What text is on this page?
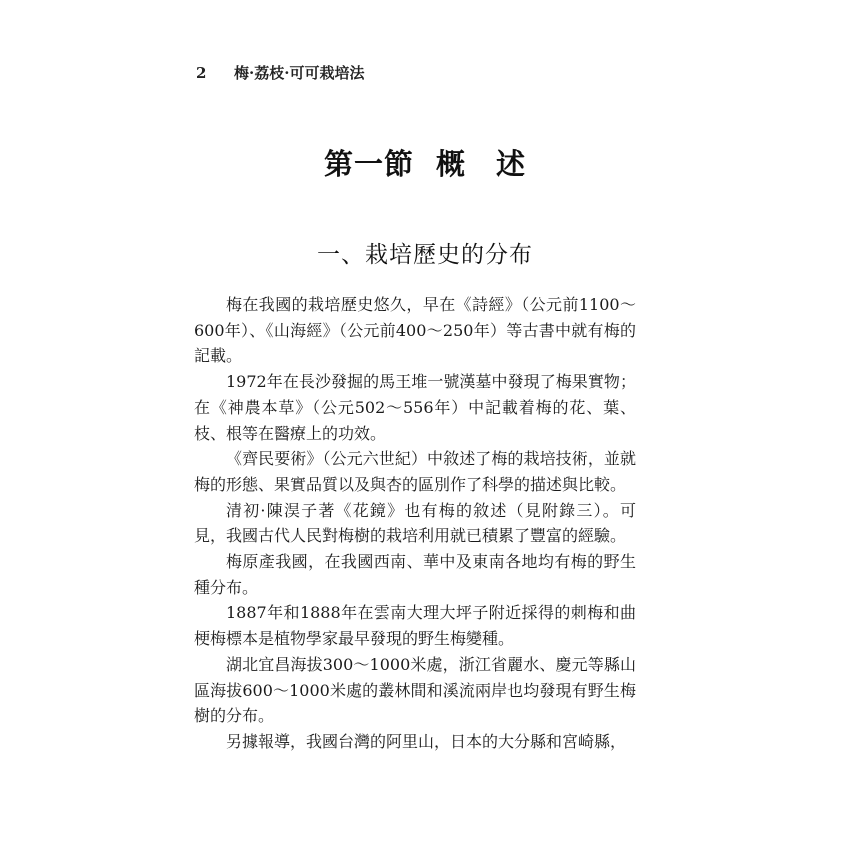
2 梅·荔枝·可可栽培法
第一節 概　述
一、栽培歷史的分布

梅在我國的栽培歷史悠久，早在《詩經》（公元前1100～600年）、《山海經》（公元前400～250年）等古書中就有梅的記載。

1972年在長沙發掘的馬王堆一號漢墓中發現了梅果實物；在《神農本草》（公元502～556年）中記載着梅的花、葉、枝、根等在醫療上的功效。

《齊民要術》（公元六世紀）中敘述了梅的栽培技術，並就梅的形態、果實品質以及與杏的區別作了科學的描述與比較。

清初·陳淏子著《花鏡》也有梅的敘述（見附錄三）。可見，我國古代人民對梅樹的栽培利用就已積累了豐富的經驗。

梅原產我國，在我國西南、華中及東南各地均有梅的野生種分布。

1887年和1888年在雲南大理大坪子附近採得的刺梅和曲梗梅標本是植物學家最早發現的野生梅變種。

湖北宜昌海拔300～1000米處，浙江省麗水、慶元等縣山區海拔600～1000米處的叢林間和溪流兩岸也均發現有野生梅樹的分布。

另據報導，我國台灣的阿里山，日本的大分縣和宮崎縣，
